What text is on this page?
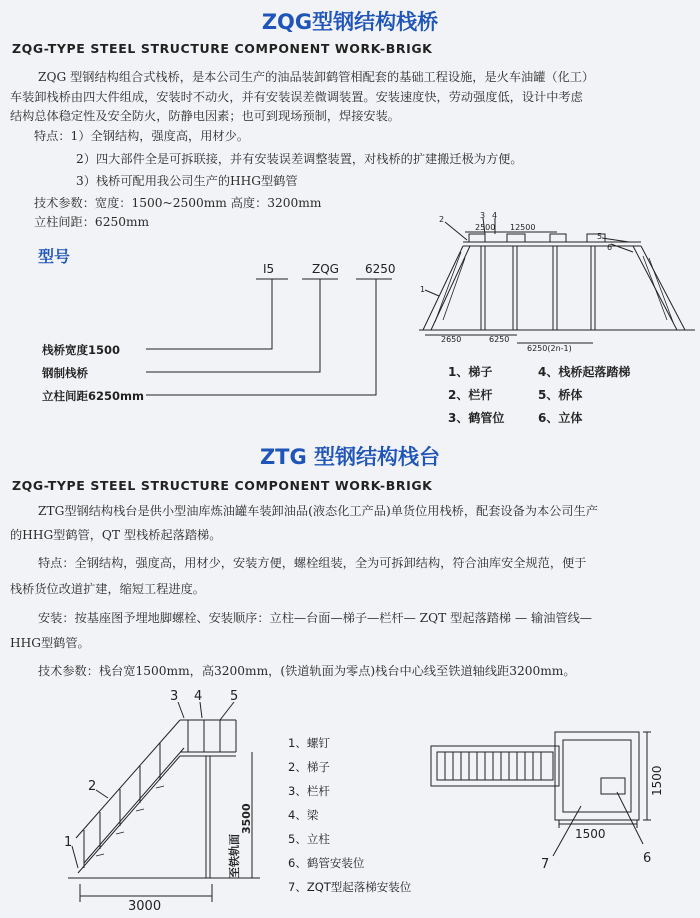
ZQG型钢结构栈桥
ZQG-TYPE STEEL STRUCTURE COMPONENT WORK-BRIGK
ZQG 型钢结构组合式栈桥，是本公司生产的油品装卸鹤管相配套的基础工程设施，是火车油罐（化工）
车装卸栈桥由四大件组成，安装时不动火，并有安装误差微调装置。安装速度快，劳动强度低，设计中考虑
结构总体稳定性及安全防火，防静电因素；也可到现场预制，焊接安装。
特点：1）全钢结构，强度高，用材少。
2）四大部件全是可拆联接，并有安装误差调整装置，对栈桥的扩建搬迁极为方便。
3）栈桥可配用我公司生产的HHG型鹤管
技术参数：宽度：1500~2500mm 高度：3200mm
立柱间距：6250mm
型号
I5	ZQG 6250
栈桥宽度1500
钢制栈桥
立柱间距6250mm
2500 12500
2650	6250
6250(2n-1)
1
2	3 4
5
6
1、梯子	4、栈桥起落踏梯
2、栏杆	5、桥体
3、鹤管位	6、立体
ZTG 型钢结构栈台
ZQG-TYPE STEEL STRUCTURE COMPONENT WORK-BRIGK
ZTG型钢结构栈台是供小型油库炼油罐车装卸油品(液态化工产品)单货位用栈桥，配套设备为本公司生产
的HHG型鹤管，QT 型栈桥起落踏梯。
特点：全钢结构，强度高，用材少，安装方便，螺栓组装，全为可拆卸结构，符合油库安全规范，便于
栈桥货位改道扩建，缩短工程进度。
安装：按基座图予埋地脚螺栓、安装顺序：立柱—台面—梯子—栏杆— ZQT 型起落踏梯 — 输油管线—
HHG型鹤管。
技术参数：栈台宽1500mm，高3200mm，(铁道轨面为零点)栈台中心线至铁道轴线距3200mm。
3000
3500
至铁轨面
3 4 5
2
1
1、螺钉
2、梯子
3、栏杆
4、梁
5、立柱
6、鹤管安装位
7、ZQT型起落梯安装位
1500
1500
7	6
